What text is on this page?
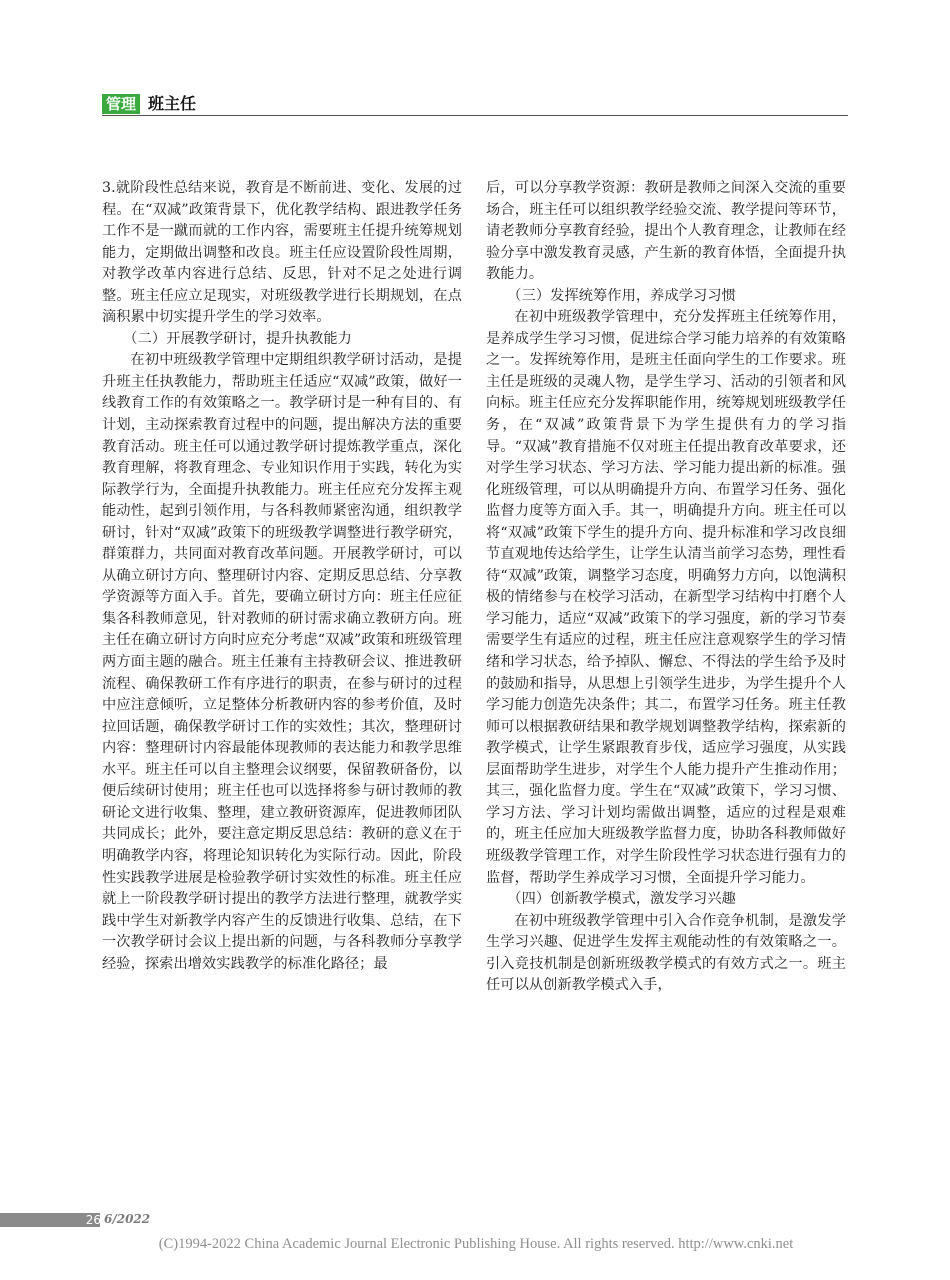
管理 班主任

3.就阶段性总结来说，教育是不断前进、变化、发展的过程。在“双减”政策背景下，优化教学结构、跟进教学任务工作不是一蹴而就的工作内容，需要班主任提升统筹规划能力，定期做出调整和改良。班主任应设置阶段性周期，对教学改革内容进行总结、反思，针对不足之处进行调整。班主任应立足现实，对班级教学进行长期规划，在点滴积累中切实提升学生的学习效率。

（二）开展教学研讨，提升执教能力

在初中班级教学管理中定期组织教学研讨活动，是提升班主任执教能力，帮助班主任适应“双减”政策，做好一线教育工作的有效策略之一。教学研讨是一种有目的、有计划，主动探索教育过程中的问题，提出解决方法的重要教育活动。班主任可以通过教学研讨提炼教学重点，深化教育理解，将教育理念、专业知识作用于实践，转化为实际教学行为，全面提升执教能力。班主任应充分发挥主观能动性，起到引领作用，与各科教师紧密沟通，组织教学研讨，针对“双减”政策下的班级教学调整进行教学研究，群策群力，共同面对教育改革问题。开展教学研讨，可以从确立研讨方向、整理研讨内容、定期反思总结、分享教学资源等方面入手。首先，要确立研讨方向：班主任应征集各科教师意见，针对教师的研讨需求确立教研方向。班主任在确立研讨方向时应充分考虑“双减”政策和班级管理两方面主题的融合。班主任兼有主持教研会议、推进教研流程、确保教研工作有序进行的职责，在参与研讨的过程中应注意倾听，立足整体分析教研内容的参考价值，及时拉回话题，确保教学研讨工作的实效性；其次，整理研讨内容：整理研讨内容最能体现教师的表达能力和教学思维水平。班主任可以自主整理会议纲要，保留教研备份，以便后续研讨使用；班主任也可以选择将参与研讨教师的教研论文进行收集、整理，建立教研资源库，促进教师团队共同成长；此外，要注意定期反思总结：教研的意义在于明确教学内容，将理论知识转化为实际行动。因此，阶段性实践教学进展是检验教学研讨实效性的标准。班主任应就上一阶段教学研讨提出的教学方法进行整理，就教学实践中学生对新教学内容产生的反馈进行收集、总结，在下一次教学研讨会议上提出新的问题，与各科教师分享教学经验，探索出增效实践教学的标准化路径；最

后，可以分享教学资源：教研是教师之间深入交流的重要场合，班主任可以组织教学经验交流、教学提问等环节，请老教师分享教育经验，提出个人教育理念，让教师在经验分享中激发教育灵感，产生新的教育体悟，全面提升执教能力。

（三）发挥统筹作用，养成学习习惯

在初中班级教学管理中，充分发挥班主任统筹作用，是养成学生学习习惯，促进综合学习能力培养的有效策略之一。发挥统筹作用，是班主任面向学生的工作要求。班主任是班级的灵魂人物，是学生学习、活动的引领者和风向标。班主任应充分发挥职能作用，统筹规划班级教学任务，在“双减”政策背景下为学生提供有力的学习指导。“双减”教育措施不仅对班主任提出教育改革要求，还对学生学习状态、学习方法、学习能力提出新的标准。强化班级管理，可以从明确提升方向、布置学习任务、强化监督力度等方面入手。其一，明确提升方向。班主任可以将“双减”政策下学生的提升方向、提升标准和学习改良细节直观地传达给学生，让学生认清当前学习态势，理性看待“双减”政策，调整学习态度，明确努力方向，以饱满积极的情绪参与在校学习活动，在新型学习结构中打磨个人学习能力，适应“双减”政策下的学习强度，新的学习节奏需要学生有适应的过程，班主任应注意观察学生的学习情绪和学习状态，给予掉队、懈怠、不得法的学生给予及时的鼓励和指导，从思想上引领学生进步，为学生提升个人学习能力创造先决条件；其二，布置学习任务。班主任教师可以根据教研结果和教学规划调整教学结构，探索新的教学模式，让学生紧跟教育步伐，适应学习强度，从实践层面帮助学生进步，对学生个人能力提升产生推动作用；其三，强化监督力度。学生在“双减”政策下，学习习惯、学习方法、学习计划均需做出调整，适应的过程是艰难的，班主任应加大班级教学监督力度，协助各科教师做好班级教学管理工作，对学生阶段性学习状态进行强有力的监督，帮助学生养成学习习惯，全面提升学习能力。

（四）创新教学模式，激发学习兴趣

在初中班级教学管理中引入合作竞争机制，是激发学生学习兴趣、促进学生发挥主观能动性的有效策略之一。引入竞技机制是创新班级教学模式的有效方式之一。班主任可以从创新教学模式入手，

26 6/2022
(C)1994-2022 China Academic Journal Electronic Publishing House. All rights reserved. http://www.cnki.net
